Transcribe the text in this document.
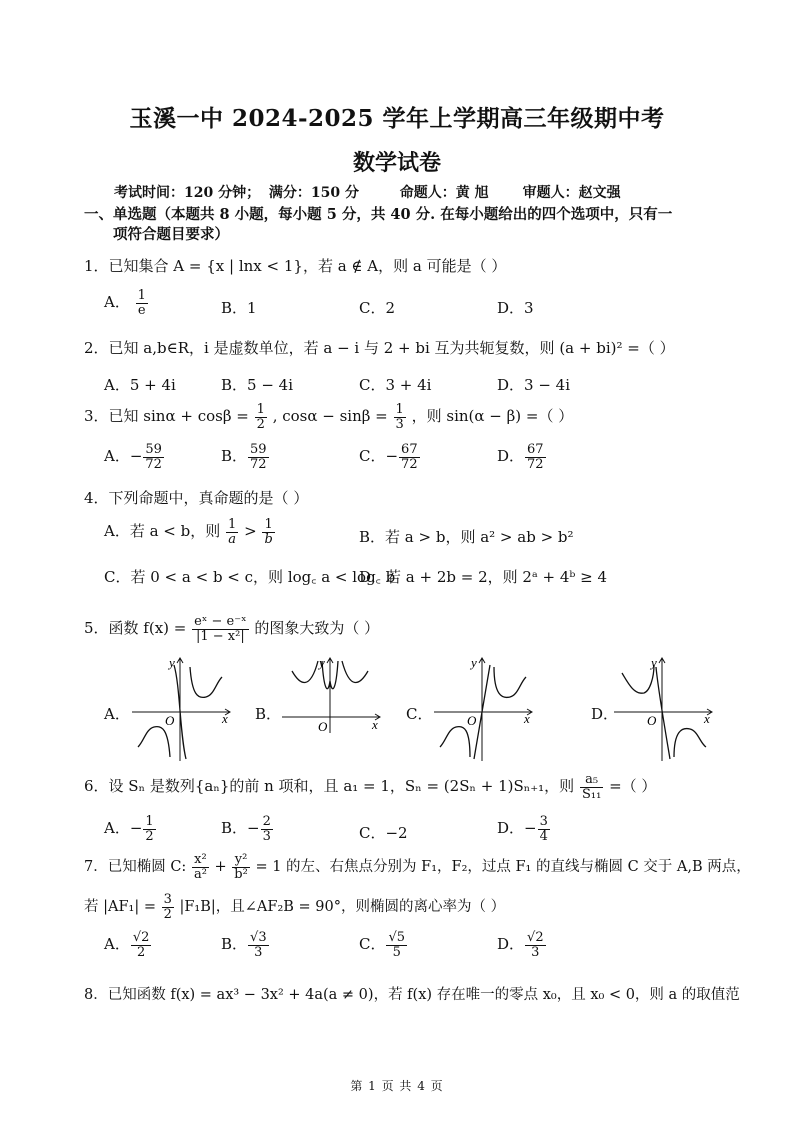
玉溪一中 2024-2025 学年上学期高三年级期中考
数学试卷
考试时间：120 分钟； 满分：150 分	命题人：黄 旭 审题人：赵文强
一、单选题（本题共 8 小题，每小题 5 分，共 40 分. 在每小题给出的四个选项中，只有一
项符合题目要求）
1．已知集合 A = {x | lnx < 1}，若 a ∉ A，则 a 可能是（ ）
A． $\frac{1}{e}$	B．1	C．2	D．3
2．已知 a,b∈R，i 是虚数单位，若 a − i 与 2 + bi 互为共轭复数，则 (a + bi)² =（ ）
A．5 + 4i	B．5 − 4i	C．3 + 4i	D．3 − 4i
3．已知 $\sin\alpha + \cos\beta = \frac{1}{2}$ , $\cos\alpha - \sin\beta = \frac{1}{3}$ ，则 sin(α − β) =（ ）
A．− $\frac{59}{72}$	B． $\frac{59}{72}$	C．− $\frac{67}{72}$	D． $\frac{67}{72}$
4．下列命题中，真命题的是（ ）
A．若 a < b，则 $\frac{1}{a} > \frac{1}{b}$	B．若 a > b，则 a² > ab > b²
C．若 0 < a < b < c，则 log꜀ a < log꜀ b
D．若 a + 2b = 2，则 2ᵃ + 4ᵇ ≥ 4
5．函数 $f(x) = \frac{\text{eˣ − e⁻ˣ}}{\text{|1 − x²|}}$ 的图象大致为（ ）
A．	B．	C．	D．
O	x
y
O	x
y
O	x
y
O	x
y
6．设 Sₙ 是数列{aₙ}的前 n 项和，且 a₁ = 1，Sₙ = (2Sₙ + 1)Sₙ₊₁，则 $\frac{\text{a₅}}{\text{S₁₁}}$ =（ ）
A．− $\frac{1}{2}$	B．− $\frac{2}{3}$	C．−2	D．− $\frac{3}{4}$
7．已知椭圆 C: $\frac{\text{x²}}{\text{a²}} + \frac{\text{y²}}{\text{b²}} = 1$ 的左、右焦点分别为 F₁，F₂，过点 F₁ 的直线与椭圆 C 交于 A,B 两点，
若 $|AF_1| = \frac{3}{2} |F_1B|$，且∠AF₂B = 90°，则椭圆的离心率为（ ）
A． $\frac{√2}{2}$	B． $\frac{√3}{3}$	C． $\frac{√5}{5}$	D． $\frac{√2}{3}$
8．已知函数 f(x) = ax³ − 3x² + 4a(a ≠ 0)，若 f(x) 存在唯一的零点 x₀，且 x₀ < 0，则 a 的取值范
第 1 页 共 4 页
